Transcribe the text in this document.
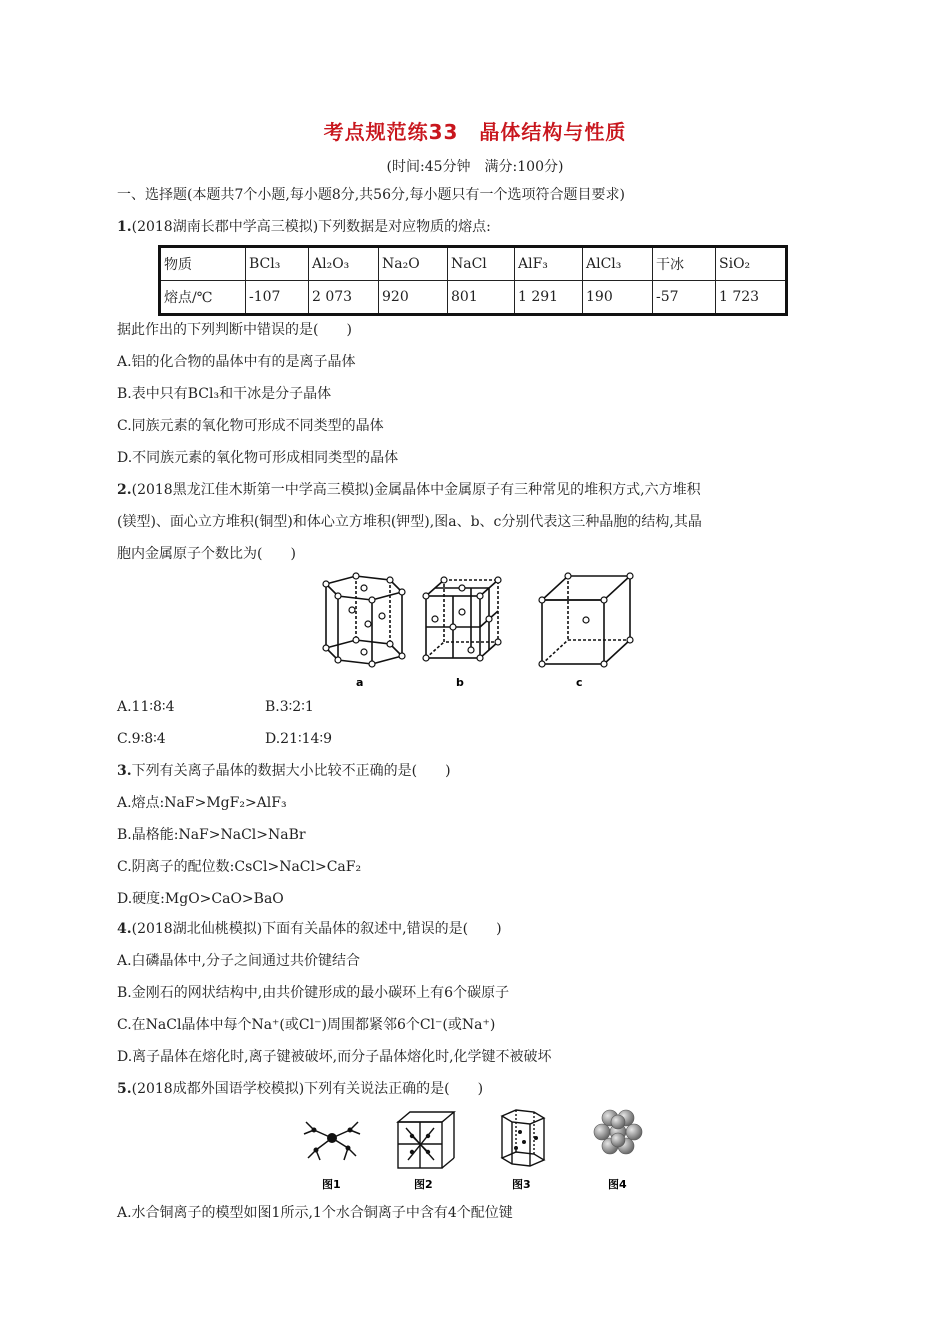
考点规范练33　晶体结构与性质
(时间:45分钟　满分:100分)
一、选择题(本题共7个小题,每小题8分,共56分,每小题只有一个选项符合题目要求)
1.(2018湖南长郡中学高三模拟)下列数据是对应物质的熔点:
物质	BCl₃	Al₂O₃	Na₂O	NaCl	AlF₃	AlCl₃	干冰	SiO₂
熔点/℃	-107	2 073	920	801	1 291	190	-57	1 723
据此作出的下列判断中错误的是(　　)
A.铝的化合物的晶体中有的是离子晶体
B.表中只有BCl₃和干冰是分子晶体
C.同族元素的氧化物可形成不同类型的晶体
D.不同族元素的氧化物可形成相同类型的晶体
2.(2018黑龙江佳木斯第一中学高三模拟)金属晶体中金属原子有三种常见的堆积方式,六方堆积
(镁型)、面心立方堆积(铜型)和体心立方堆积(钾型),图a、b、c分别代表这三种晶胞的结构,其晶
胞内金属原子个数比为(　　)
a	b	c
A.11∶8∶4	B.3∶2∶1
C.9∶8∶4	D.21∶14∶9
3.下列有关离子晶体的数据大小比较不正确的是(　　)
A.熔点:NaF>MgF₂>AlF₃
B.晶格能:NaF>NaCl>NaBr
C.阴离子的配位数:CsCl>NaCl>CaF₂
D.硬度:MgO>CaO>BaO
4.(2018湖北仙桃模拟)下面有关晶体的叙述中,错误的是(　　)
A.白磷晶体中,分子之间通过共价键结合
B.金刚石的网状结构中,由共价键形成的最小碳环上有6个碳原子
C.在NaCl晶体中每个Na⁺(或Cl⁻)周围都紧邻6个Cl⁻(或Na⁺)
D.离子晶体在熔化时,离子键被破坏,而分子晶体熔化时,化学键不被破坏
5.(2018成都外国语学校模拟)下列有关说法正确的是(　　)
图1	图2	图3	图4
A.水合铜离子的模型如图1所示,1个水合铜离子中含有4个配位键
